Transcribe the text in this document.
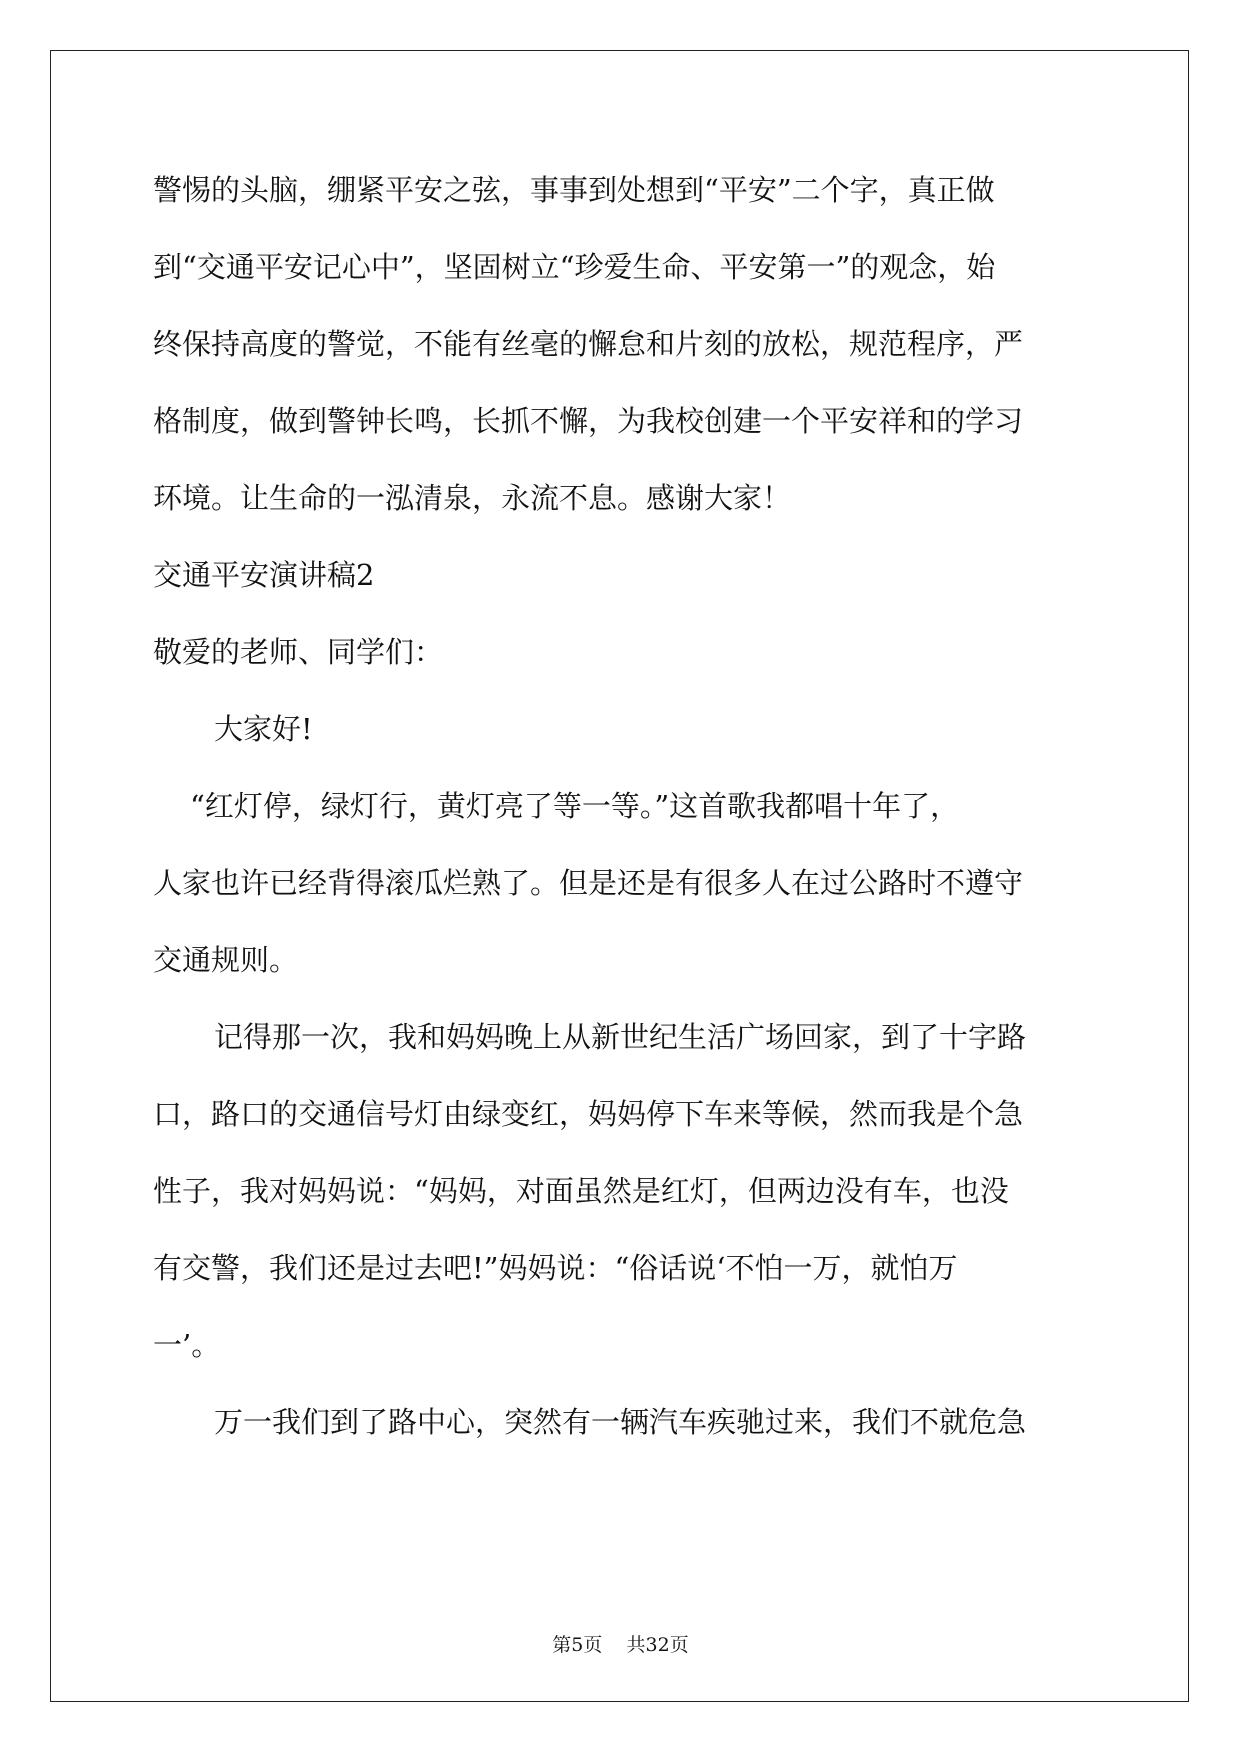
警惕的头脑，绷紧平安之弦，事事到处想到“平安”二个字，真正做
到“交通平安记心中”，坚固树立“珍爱生命、平安第一”的观念，始
终保持高度的警觉，不能有丝毫的懈怠和片刻的放松，规范程序，严
格制度，做到警钟长鸣，长抓不懈，为我校创建一个平安祥和的学习
环境。让生命的一泓清泉，永流不息。感谢大家！
交通平安演讲稿2
敬爱的老师、同学们：
大家好!
“红灯停，绿灯行，黄灯亮了等一等。”这首歌我都唱十年了，
人家也许已经背得滚瓜烂熟了。但是还是有很多人在过公路时不遵守
交通规则。
记得那一次，我和妈妈晚上从新世纪生活广场回家，到了十字路
口，路口的交通信号灯由绿变红，妈妈停下车来等候，然而我是个急
性子，我对妈妈说：“妈妈，对面虽然是红灯，但两边没有车，也没
有交警，我们还是过去吧!”妈妈说：“俗话说‘不怕一万，就怕万
一’。
万一我们到了路中心，突然有一辆汽车疾驰过来，我们不就危急
第5页 共32页
